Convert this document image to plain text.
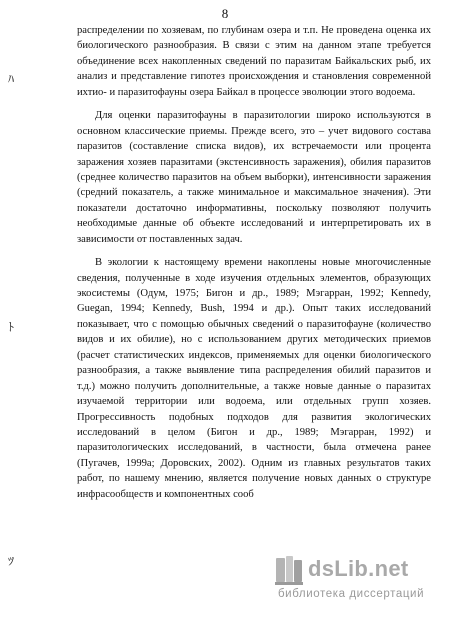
8
распределении по хозяевам, по глубинам озера и т.п. Не проведена оценка их
биологического разнообразия. В связи с этим на данном этапе требуется
объединение всех накопленных сведений по паразитам Байкальских рыб, их
анализ и представление гипотез происхождения и становления современной
ихтио- и паразитофауны озера Байкал в процессе эволюции этого водоема.
Для оценки паразитофауны в паразитологии широко используются в
основном классические приемы. Прежде всего, это – учет видового состава
паразитов (составление списка видов), их встречаемости или процента
заражения хозяев паразитами (экстенсивность заражения), обилия паразитов
(среднее количество паразитов на объем выборки), интенсивности заражения
(средний показатель, а также минимальное и максимальное значения). Эти
показатели достаточно информативны, поскольку позволяют получить
необходимые данные об объекте исследований и интерпретировать их в
зависимости от поставленных задач.
В экологии к настоящему времени накоплены новые многочисленные
сведения, полученные в ходе изучения отдельных элементов, образующих
экосистемы (Одум, 1975; Бигон и др., 1989; Мэгарран, 1992; Kennedy,
Guegan, 1994; Kennedy, Bush, 1994 и др.). Опыт таких исследований
показывает, что с помощью обычных сведений о паразитофауне (количество
видов и их обилие), но с использованием других методических приемов
(расчет статистических индексов, применяемых для оценки биологического
разнообразия, а также выявление типа распределения обилий паразитов и
т.д.) можно получить дополнительные, а также новые данные о паразитах
изучаемой территории или водоема, или отдельных групп хозяев.
Прогрессивность подобных подходов для развития экологических
исследований в целом (Бигон и др., 1989; Мэгарран, 1992) и
паразитологических исследований, в частности, была отмечена ранее
(Пугачев, 1999а; Доровских, 2002). Одним из главных результатов таких
работ, по нашему мнению, является получение новых данных о структуре
инфрасообществ и компонентных сооб
ﾊ
ﾄ
ﾂ	dsLib.net
библиотека диссертаций
